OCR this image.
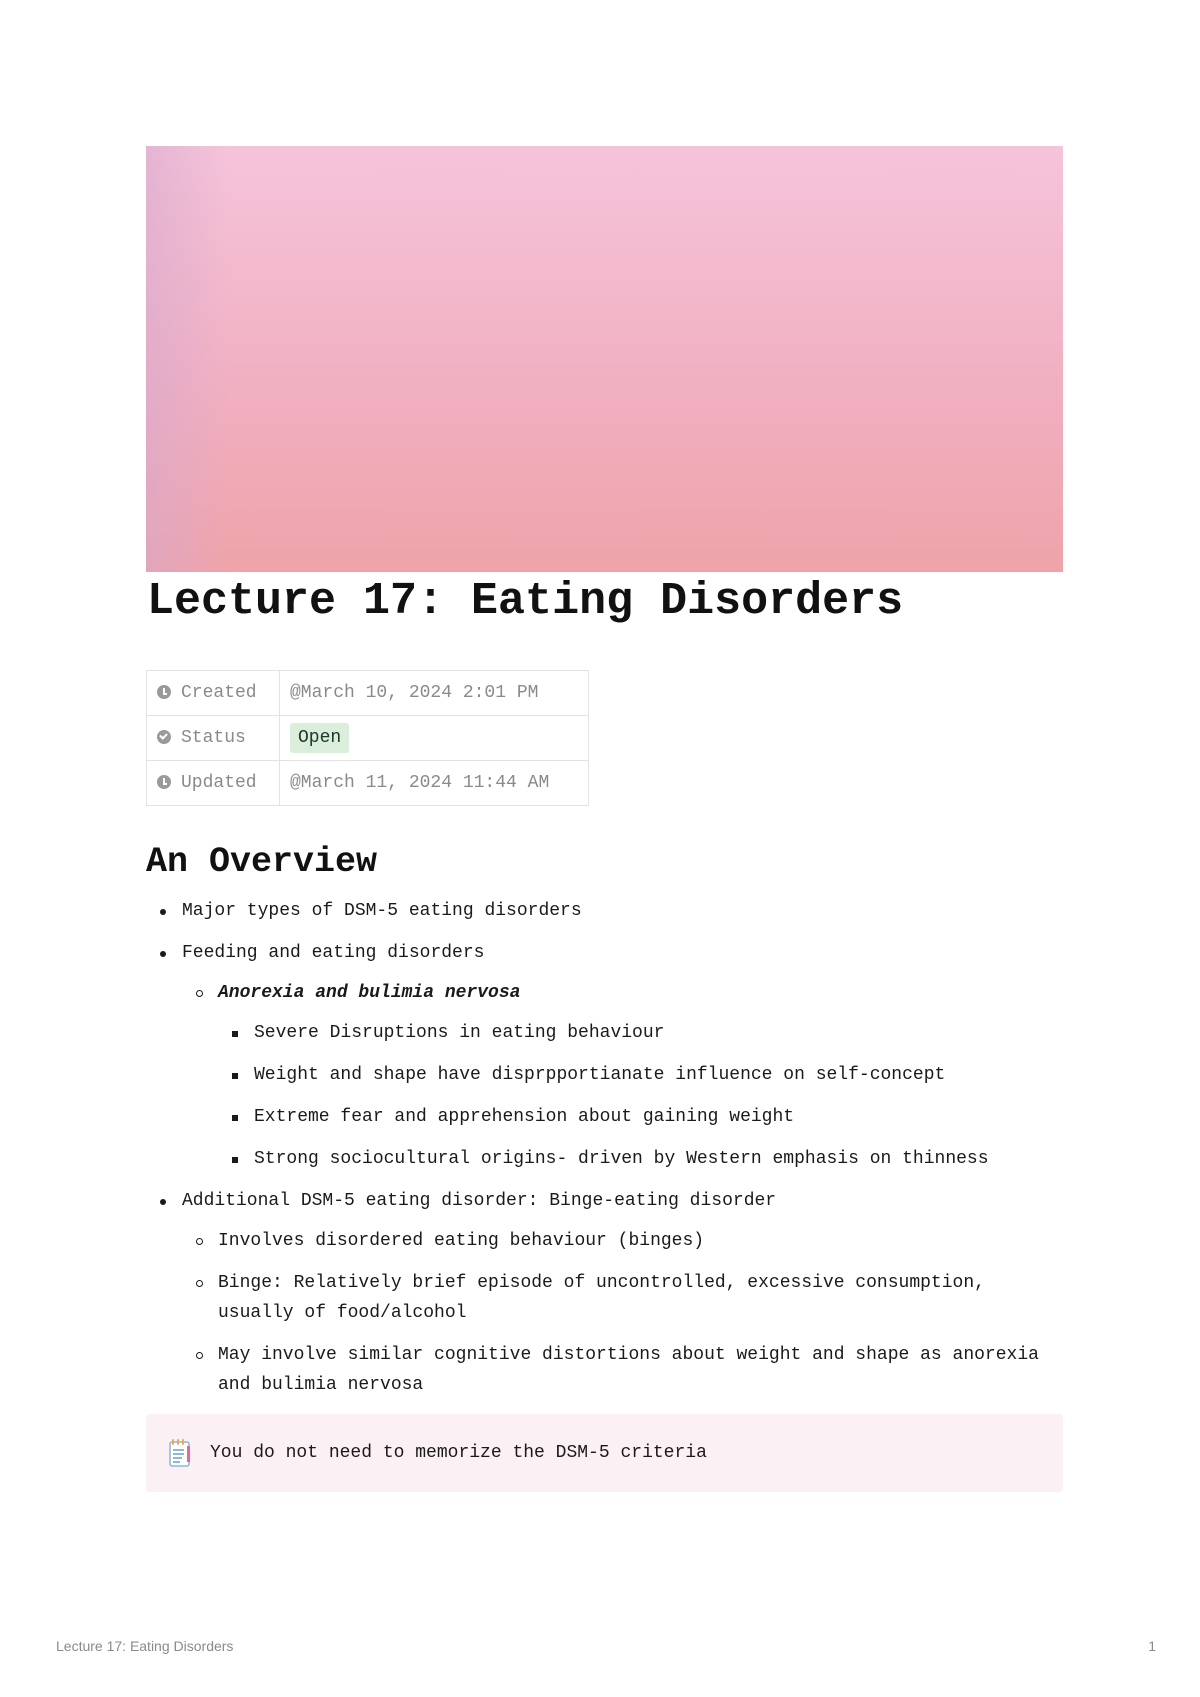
Lecture 17: Eating Disorders
Created	@March 10, 2024 2:01 PM
Status	Open
Updated	@March 11, 2024 11:44 AM
An Overview
Major types of DSM-5 eating disorders
Feeding and eating disorders
Anorexia and bulimia nervosa
Severe Disruptions in eating behaviour
Weight and shape have disprpportianate influence on self-concept
Extreme fear and apprehension about gaining weight
Strong sociocultural origins- driven by Western emphasis on thinness
Additional DSM-5 eating disorder: Binge-eating disorder
Involves disordered eating behaviour (binges)
Binge: Relatively brief episode of uncontrolled, excessive consumption, usually of food/alcohol
May involve similar cognitive distortions about weight and shape as anorexia and bulimia nervosa
You do not need to memorize the DSM-5 criteria
Lecture 17: Eating Disorders	1
